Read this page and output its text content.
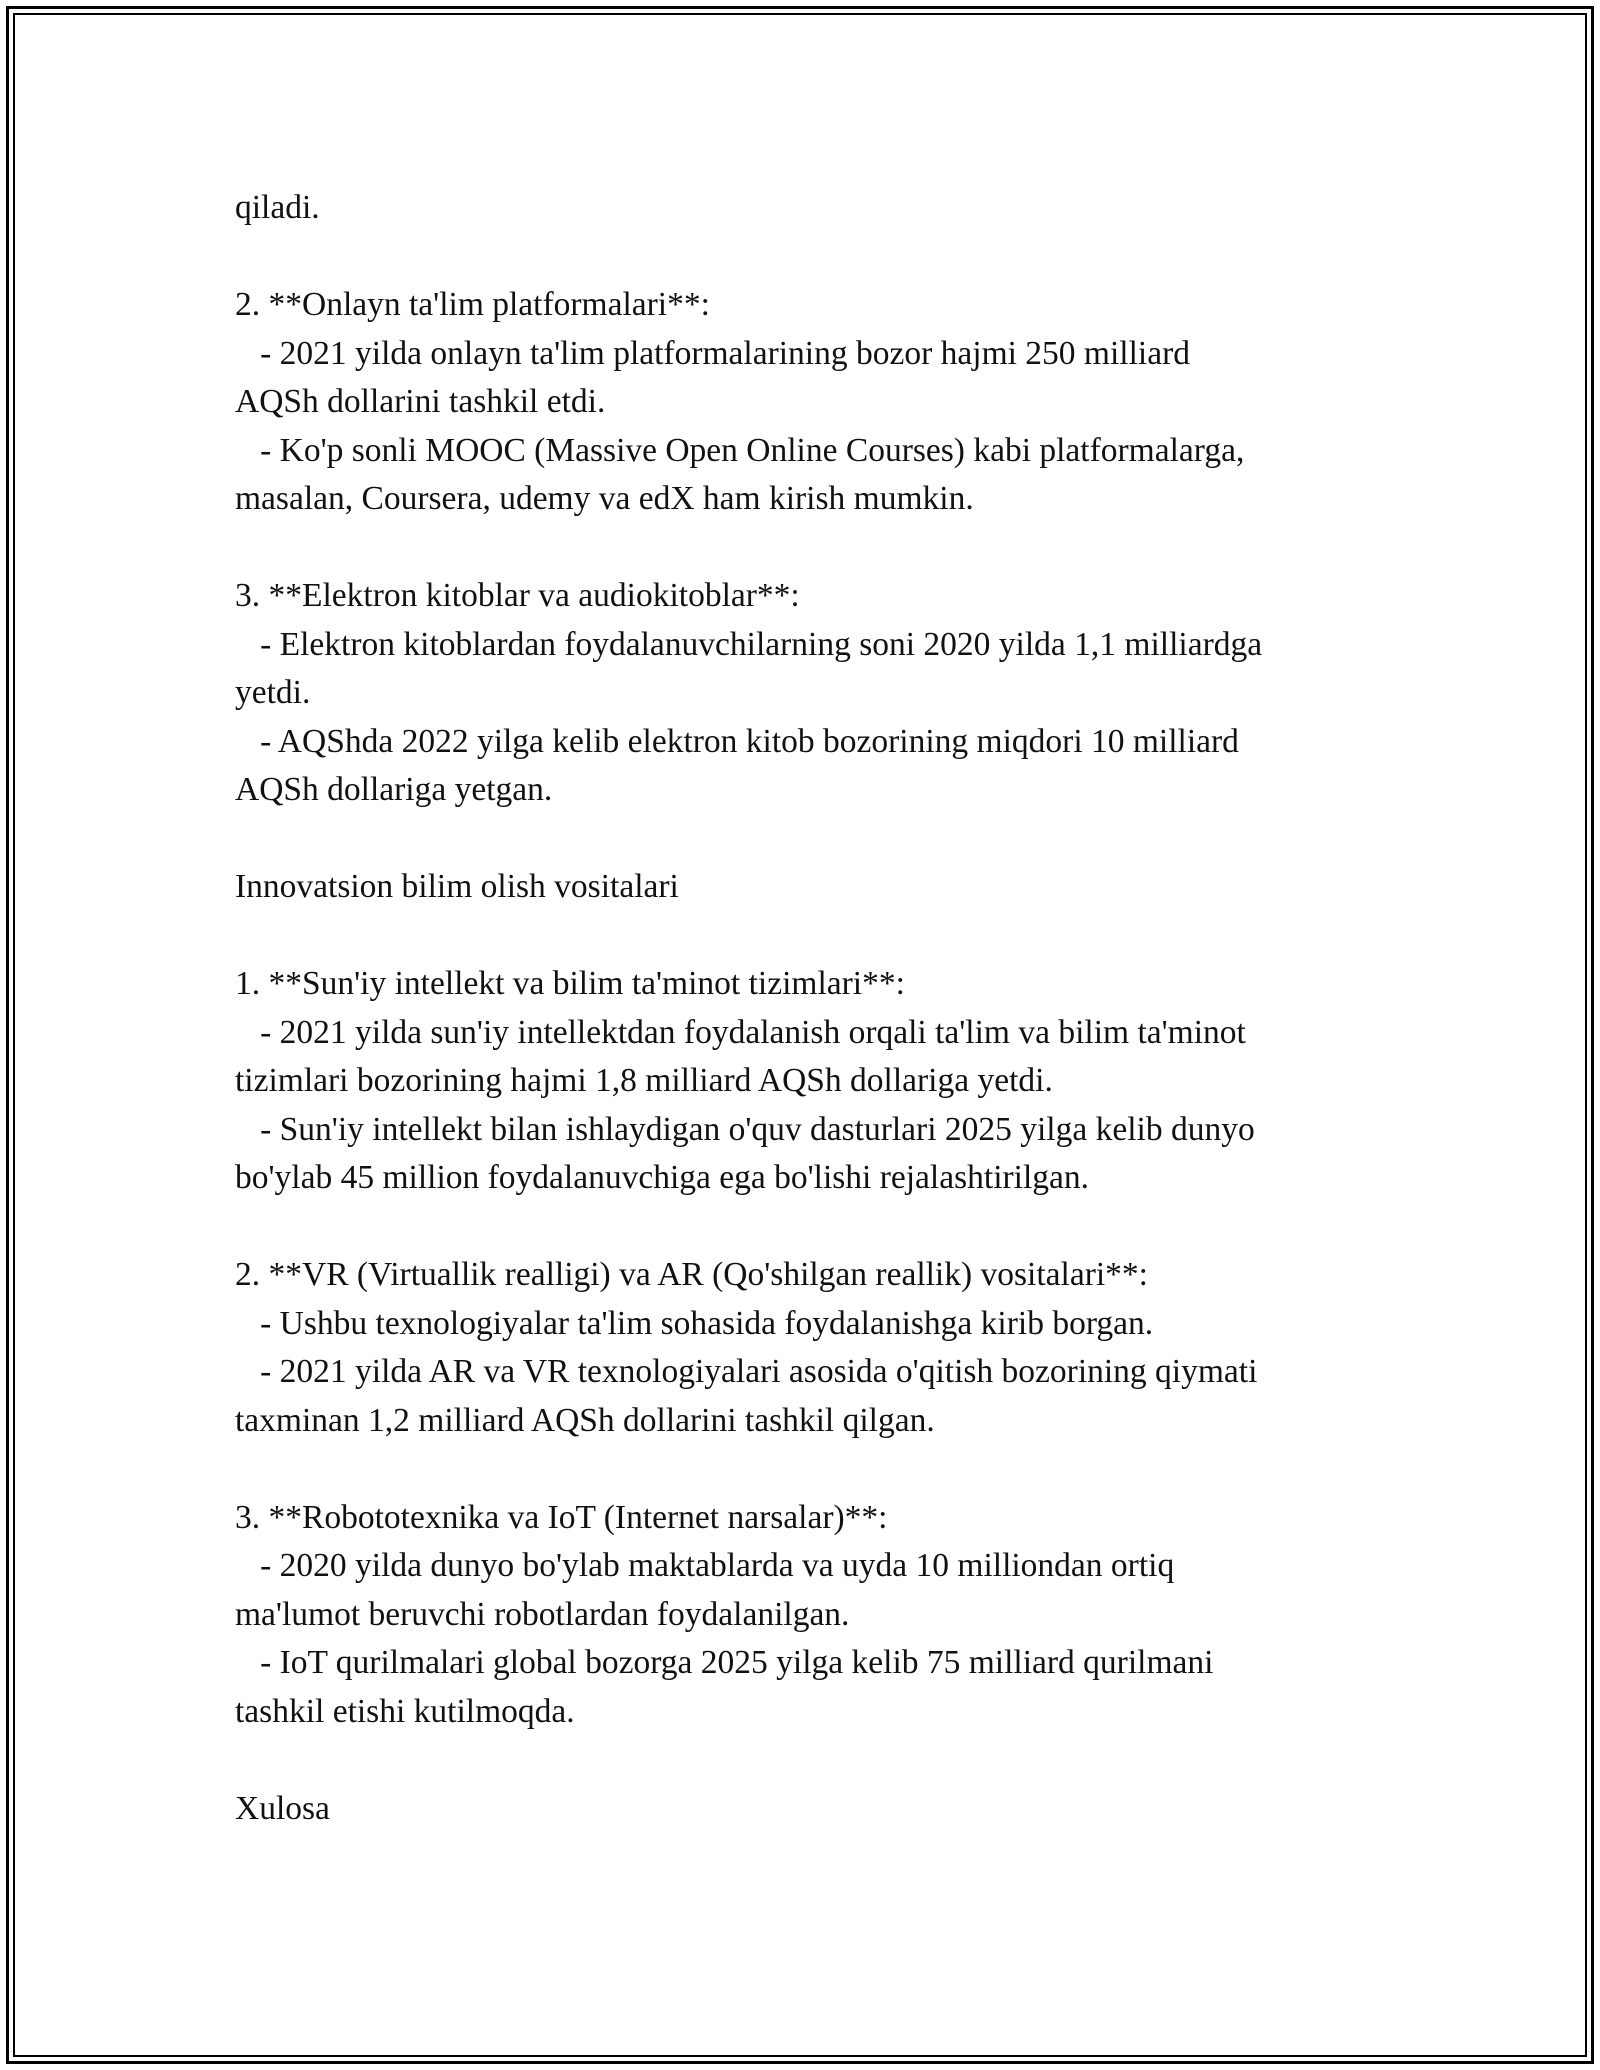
qiladi.
2. **Onlayn ta'lim platformalari**:
- 2021 yilda onlayn ta'lim platformalarining bozor hajmi 250 milliard
AQSh dollarini tashkil etdi.
- Ko'p sonli MOOC (Massive Open Online Courses) kabi platformalarga,
masalan, Coursera, udemy va edX ham kirish mumkin.
3. **Elektron kitoblar va audiokitoblar**:
- Elektron kitoblardan foydalanuvchilarning soni 2020 yilda 1,1 milliardga
yetdi.
- AQShda 2022 yilga kelib elektron kitob bozorining miqdori 10 milliard
AQSh dollariga yetgan.
Innovatsion bilim olish vositalari
1. **Sun'iy intellekt va bilim ta'minot tizimlari**:
- 2021 yilda sun'iy intellektdan foydalanish orqali ta'lim va bilim ta'minot
tizimlari bozorining hajmi 1,8 milliard AQSh dollariga yetdi.
- Sun'iy intellekt bilan ishlaydigan o'quv dasturlari 2025 yilga kelib dunyo
bo'ylab 45 million foydalanuvchiga ega bo'lishi rejalashtirilgan.
2. **VR (Virtuallik realligi) va AR (Qo'shilgan reallik) vositalari**:
- Ushbu texnologiyalar ta'lim sohasida foydalanishga kirib borgan.
- 2021 yilda AR va VR texnologiyalari asosida o'qitish bozorining qiymati
taxminan 1,2 milliard AQSh dollarini tashkil qilgan.
3. **Robototexnika va IoT (Internet narsalar)**:
- 2020 yilda dunyo bo'ylab maktablarda va uyda 10 milliondan ortiq
ma'lumot beruvchi robotlardan foydalanilgan.
- IoT qurilmalari global bozorga 2025 yilga kelib 75 milliard qurilmani
tashkil etishi kutilmoqda.
Xulosa
